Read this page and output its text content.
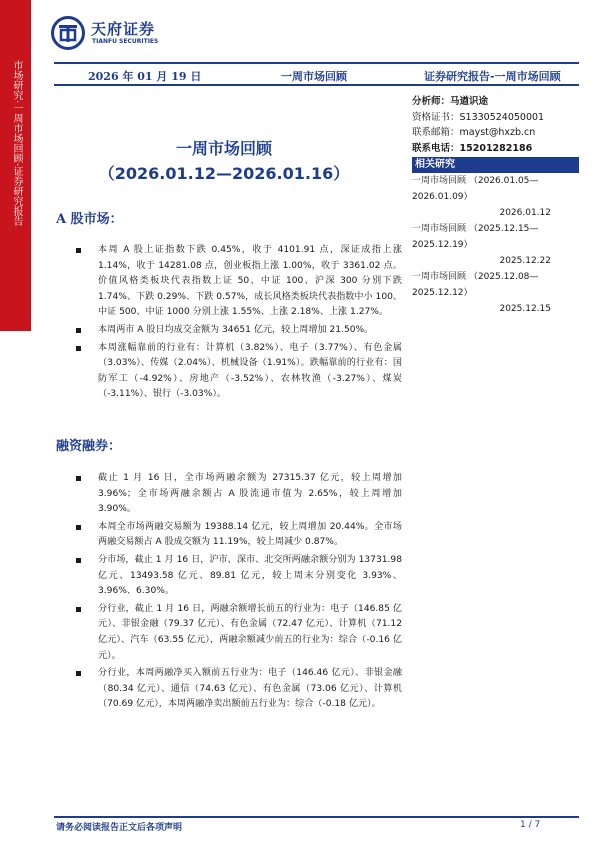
市场研究·一周市场回顾·证券研究报告
天府证券
TIANFU SECURITIES
2026 年 01 月 19 日	一周市场回顾	证券研究报告-一周市场回顾
一周市场回顾
（2026.01.12—2026.01.16）
A 股市场：
本周 A 股上证指数下跌 0.45%，收于 4101.91 点，深证成指上涨 1.14%，收于 14281.08 点，创业板指上涨 1.00%，收于 3361.02 点。价值风格类板块代表指数上证 50、中证 100、沪深 300 分别下跌 1.74%、下跌 0.29%、下跌 0.57%，成长风格类板块代表指数中小 100、中证 500、中证 1000 分别上涨 1.55%、上涨 2.18%、上涨 1.27%。
本周两市 A 股日均成交金额为 34651 亿元，较上周增加 21.50%。
本周涨幅靠前的行业有：计算机（3.82%）、电子（3.77%）、有色金属（3.03%）、传媒（2.04%）、机械设备（1.91%）。跌幅靠前的行业有：国防军工（-4.92%）、房地产（-3.52%）、农林牧渔（-3.27%）、煤炭（-3.11%）、银行（-3.03%）。
融资融券：
截止 1 月 16 日，全市场两融余额为 27315.37 亿元，较上周增加 3.96%；全市场两融余额占 A 股流通市值为 2.65%，较上周增加 3.90%。
本周全市场两融交易额为 19388.14 亿元，较上周增加 20.44%。全市场两融交易额占 A 股成交额为 11.19%，较上周减少 0.87%。
分市场，截止 1 月 16 日，沪市、深市、北交所两融余额分别为 13731.98 亿元、13493.58 亿元、89.81 亿元，较上周末分别变化 3.93%、3.96%、6.30%。
分行业，截止 1 月 16 日，两融余额增长前五的行业为：电子（146.85 亿元）、非银金融（79.37 亿元）、有色金属（72.47 亿元）、计算机（71.12 亿元）、汽车（63.55 亿元），两融余额减少前五的行业为：综合（-0.16 亿元）。
分行业，本周两融净买入额前五行业为：电子（146.46 亿元）、非银金融（80.34 亿元）、通信（74.63 亿元）、有色金属（73.06 亿元）、计算机（70.69 亿元），本周两融净卖出额前五行业为：综合（-0.18 亿元）。
分析师：马遒识途
资格证书：S1330524050001
联系邮箱：mayst@hxzb.cn
联系电话：15201282186
相关研究
一周市场回顾 （2026.01.05—
2026.01.09）
2026.01.12
一周市场回顾 （2025.12.15—
2025.12.19）
2025.12.22
一周市场回顾 （2025.12.08—
2025.12.12）
2025.12.15
请务必阅读报告正文后各项声明	1 / 7
